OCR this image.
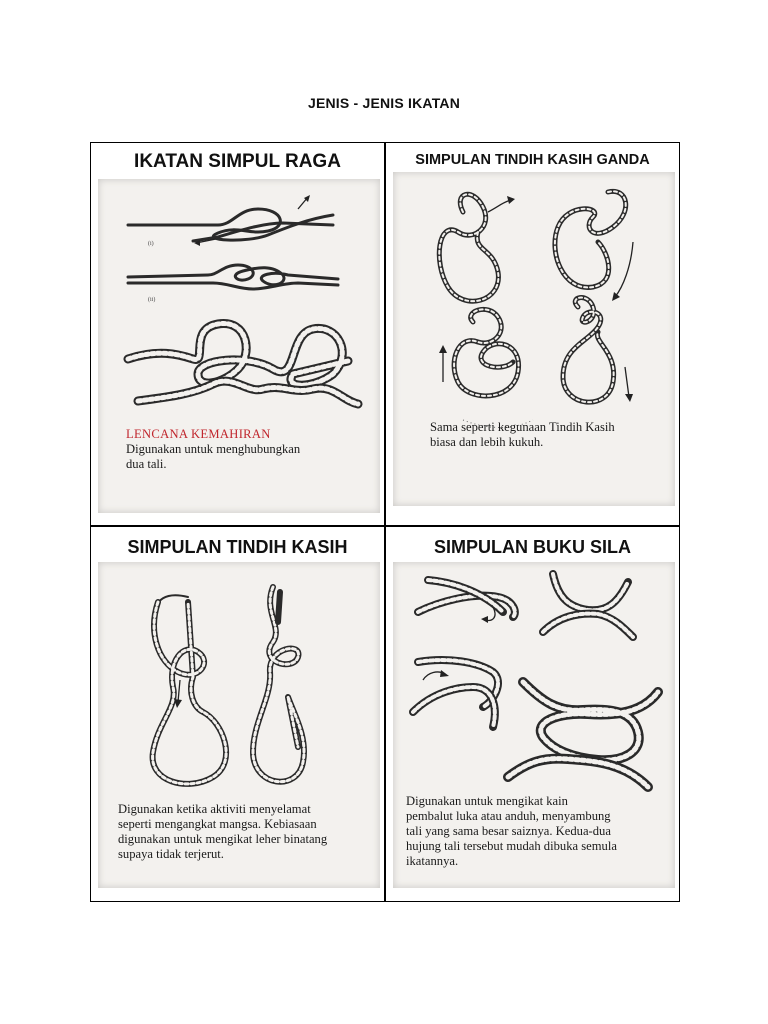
JENIS - JENIS IKATAN
IKATAN SIMPUL RAGA
(i)
(ii)
LENCANA KEMAHIRAN
Digunakan untuk menghubungkan
dua tali.
SIMPULAN TINDIH KASIH GANDA
Sama seperti kegunaan Tindih Kasih
biasa dan lebih kukuh.
SIMPULAN TINDIH KASIH
Digunakan ketika aktiviti menyelamat
seperti mengangkat mangsa. Kebiasaan
digunakan untuk mengikat leher binatang
supaya tidak terjerut.
SIMPULAN BUKU SILA
Digunakan untuk mengikat kain
pembalut luka atau anduh, menyambung
tali yang sama besar saiznya. Kedua-dua
hujung tali tersebut mudah dibuka semula
ikatannya.
